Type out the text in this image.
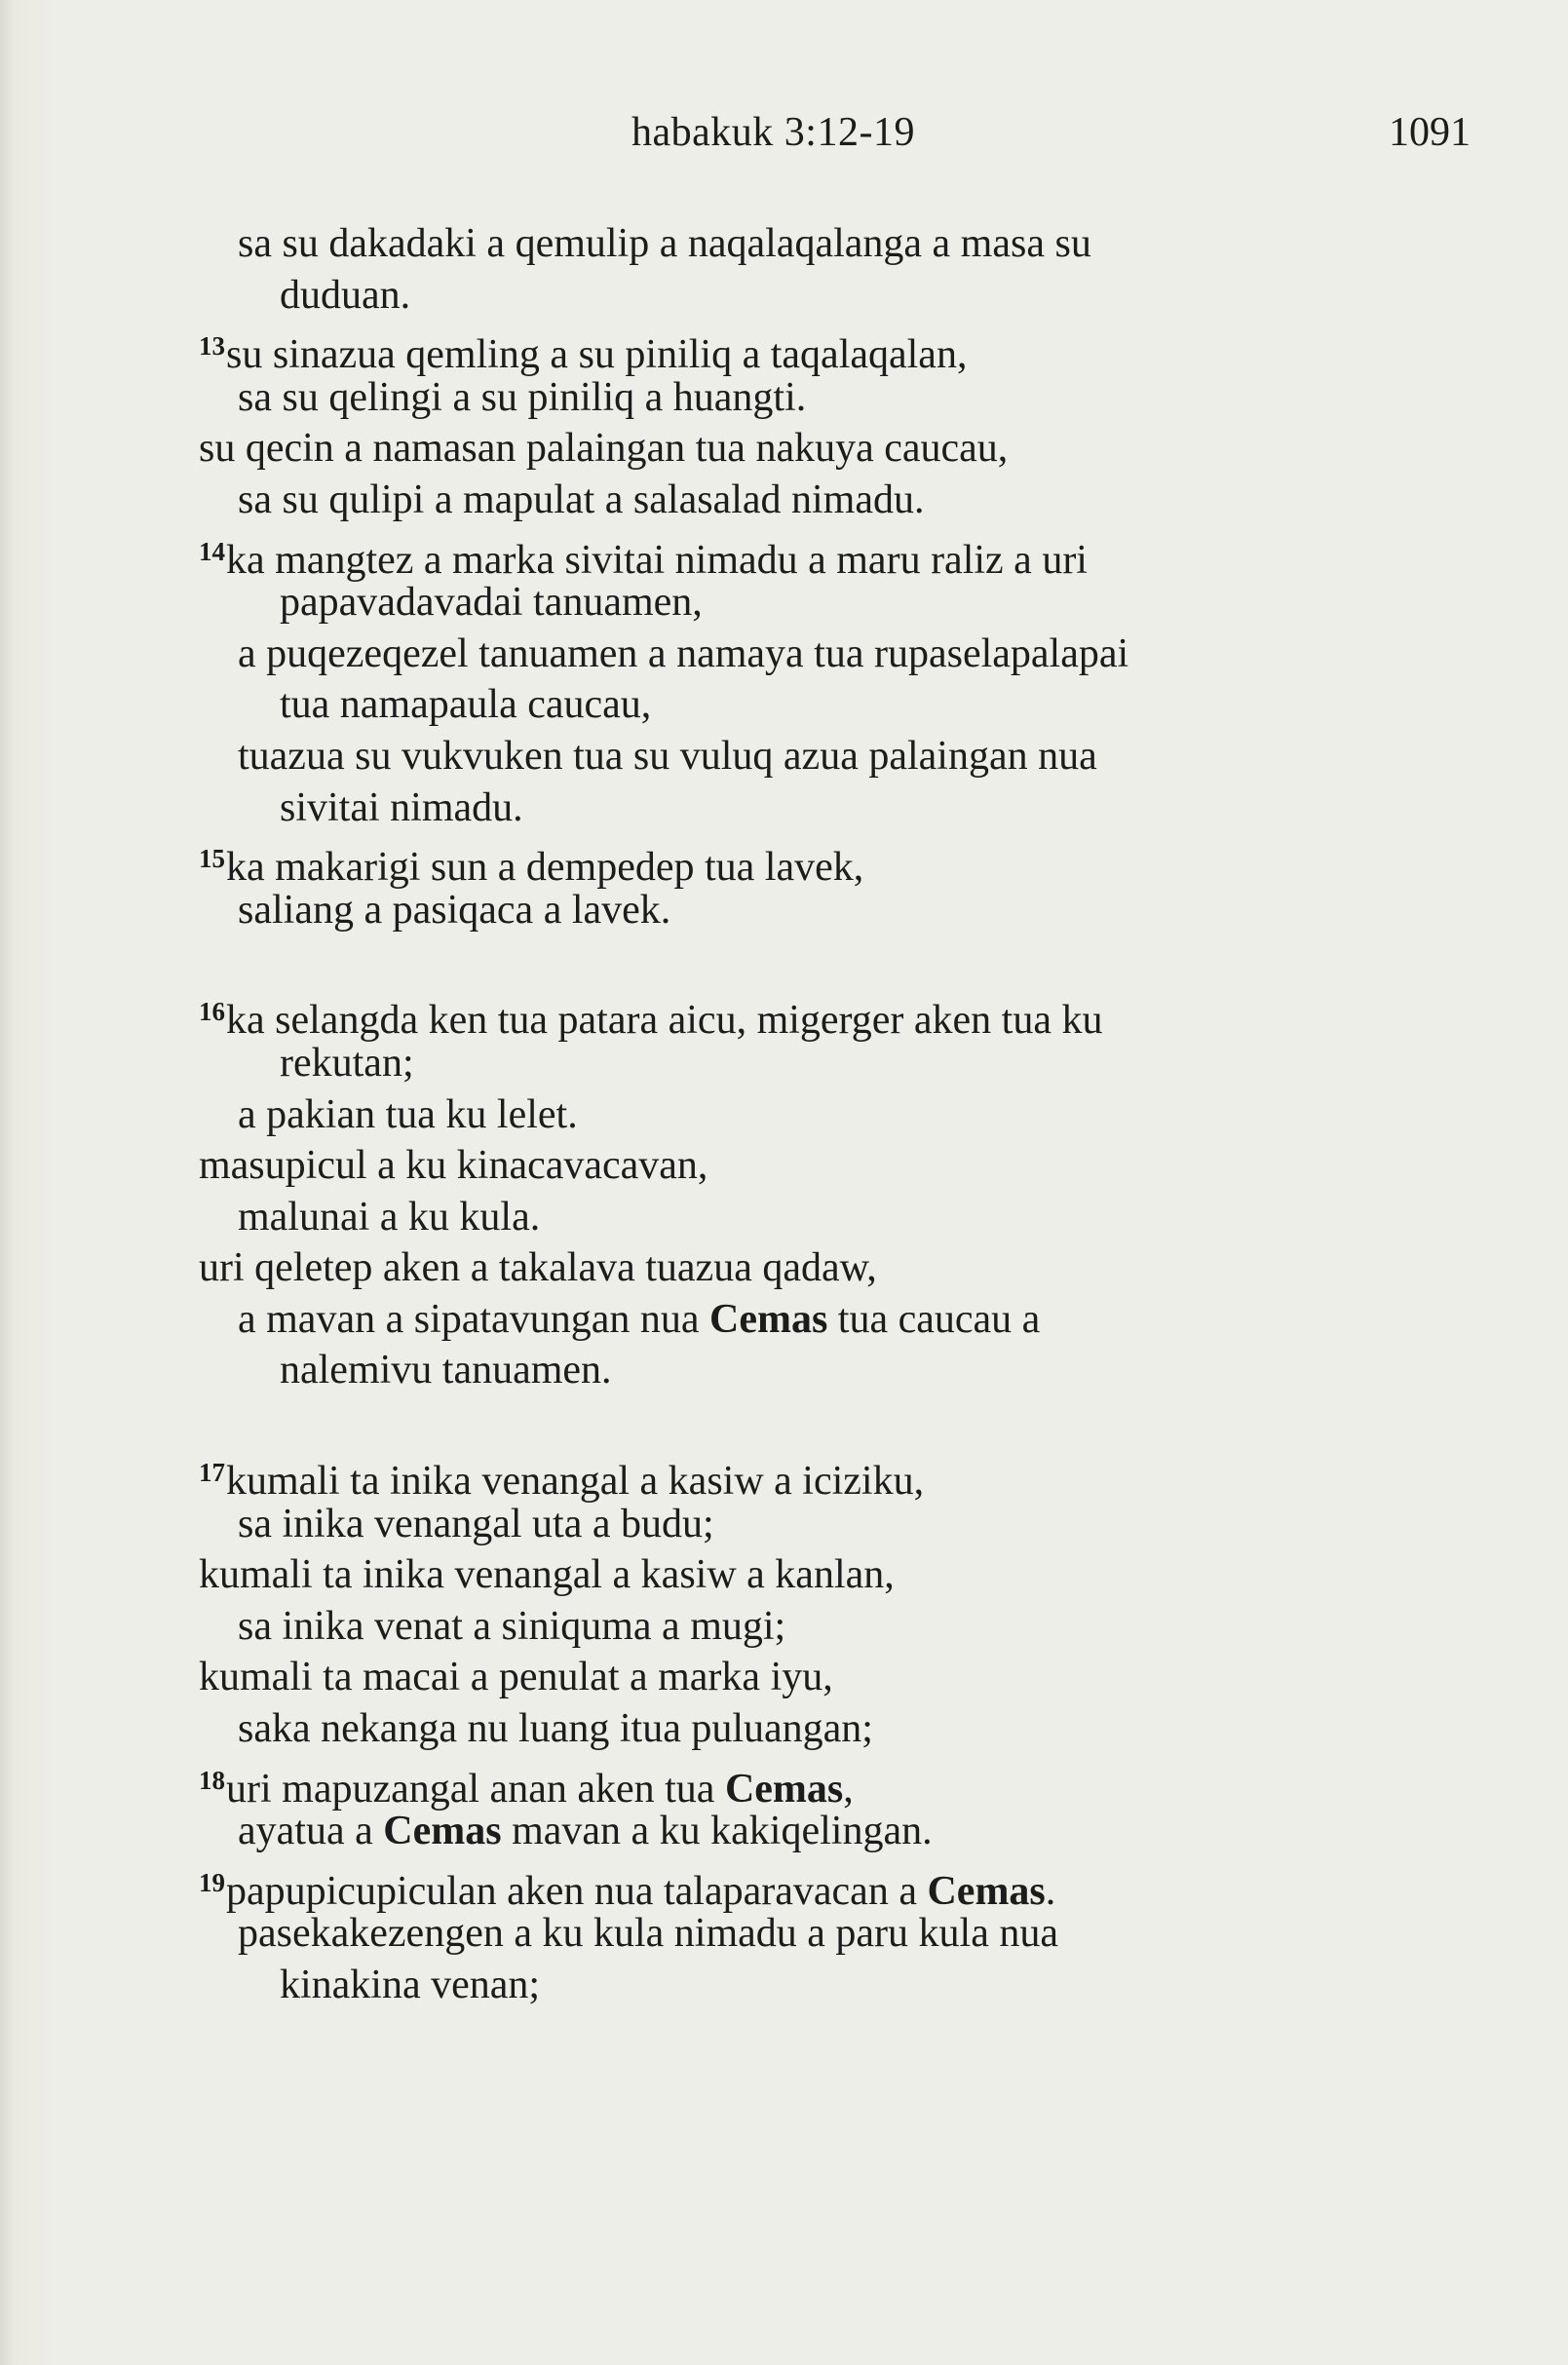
habakuk 3:12-19	1091
sa su dakadaki a qemulip a naqalaqalanga a masa su
duduan.
$^{13}$su sinazua qemling a su piniliq a taqalaqalan,
sa su qelingi a su piniliq a huangti.
su qecin a namasan palaingan tua nakuya caucau,
sa su qulipi a mapulat a salasalad nimadu.
$^{14}$ka mangtez a marka sivitai nimadu a maru raliz a uri
papavadavadai tanuamen,
a puqezeqezel tanuamen a namaya tua rupaselapalapai
tua namapaula caucau,
tuazua su vukvuken tua su vuluq azua palaingan nua
sivitai nimadu.
$^{15}$ka makarigi sun a dempedep tua lavek,
saliang a pasiqaca a lavek.
$^{16}$ka selangda ken tua patara aicu, migerger aken tua ku
rekutan;
a pakian tua ku lelet.
masupicul a ku kinacavacavan,
malunai a ku kula.
uri qeletep aken a takalava tuazua qadaw,
a mavan a sipatavungan nua Cemas tua caucau a
nalemivu tanuamen.
$^{17}$kumali ta inika venangal a kasiw a iciziku,
sa inika venangal uta a budu;
kumali ta inika venangal a kasiw a kanlan,
sa inika venat a siniquma a mugi;
kumali ta macai a penulat a marka iyu,
saka nekanga nu luang itua puluangan;
$^{18}$uri mapuzangal anan aken tua Cemas,
ayatua a Cemas mavan a ku kakiqelingan.
$^{19}$papupicupiculan aken nua talaparavacan a Cemas.
pasekakezengen a ku kula nimadu a paru kula nua
kinakina venan;
